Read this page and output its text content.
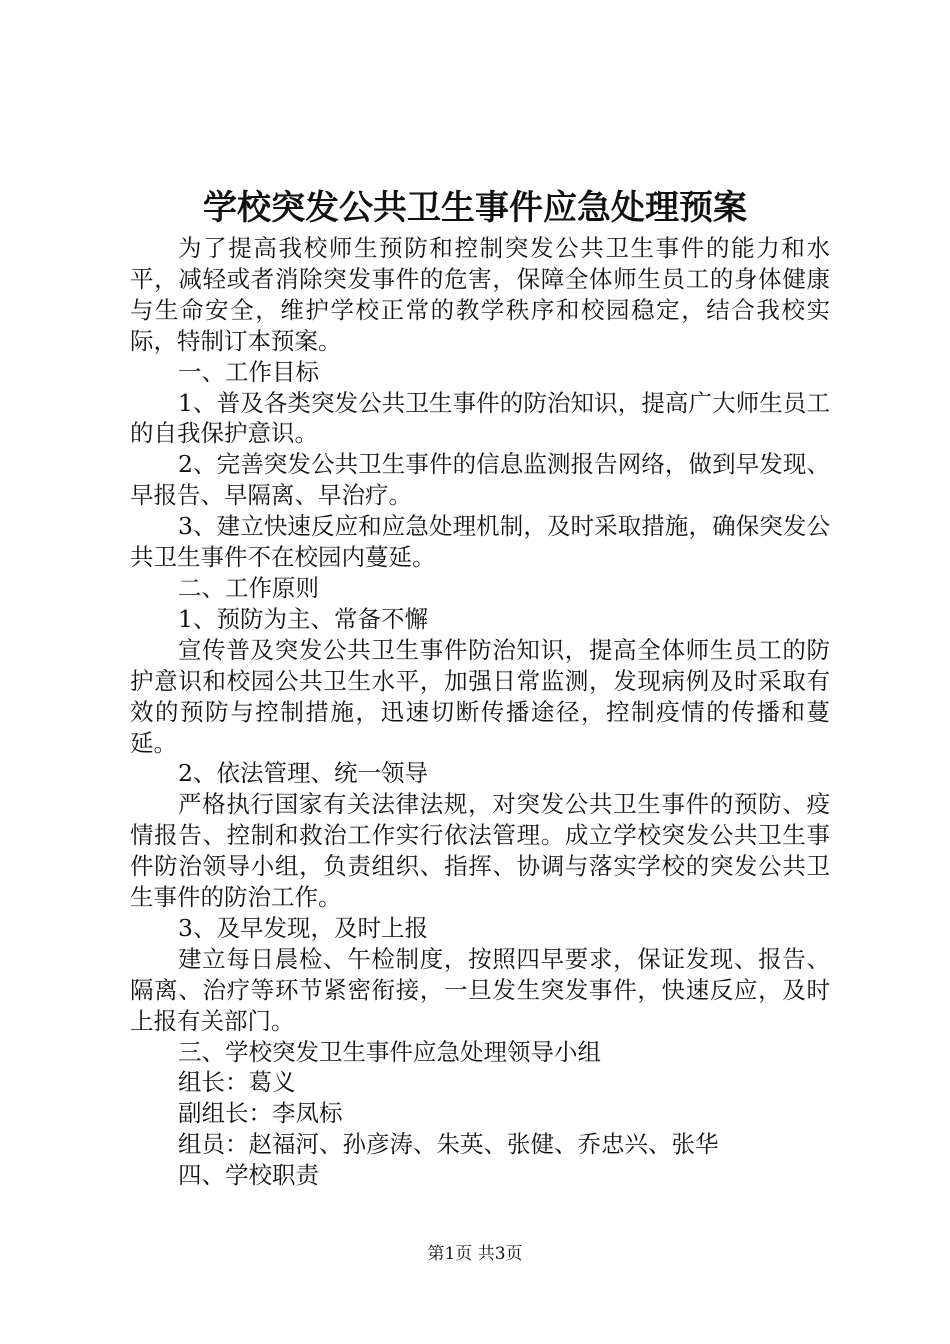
学校突发公共卫生事件应急处理预案

为了提高我校师生预防和控制突发公共卫生事件的能力和水平，减轻或者消除突发事件的危害，保障全体师生员工的身体健康与生命安全，维护学校正常的教学秩序和校园稳定，结合我校实际，特制订本预案。

一、工作目标

1、普及各类突发公共卫生事件的防治知识，提高广大师生员工的自我保护意识。

2、完善突发公共卫生事件的信息监测报告网络，做到早发现、早报告、早隔离、早治疗。

3、建立快速反应和应急处理机制，及时采取措施，确保突发公共卫生事件不在校园内蔓延。

二、工作原则

1、预防为主、常备不懈

宣传普及突发公共卫生事件防治知识，提高全体师生员工的防护意识和校园公共卫生水平，加强日常监测，发现病例及时采取有效的预防与控制措施，迅速切断传播途径，控制疫情的传播和蔓延。

2、依法管理、统一领导

严格执行国家有关法律法规，对突发公共卫生事件的预防、疫情报告、控制和救治工作实行依法管理。成立学校突发公共卫生事件防治领导小组，负责组织、指挥、协调与落实学校的突发公共卫生事件的防治工作。

3、及早发现，及时上报

建立每日晨检、午检制度，按照四早要求，保证发现、报告、隔离、治疗等环节紧密衔接，一旦发生突发事件，快速反应，及时上报有关部门。

三、学校突发卫生事件应急处理领导小组

组长：葛义

副组长：李凤标

组员：赵福河、孙彦涛、朱英、张健、乔忠兴、张华

四、学校职责

第1页 共3页
